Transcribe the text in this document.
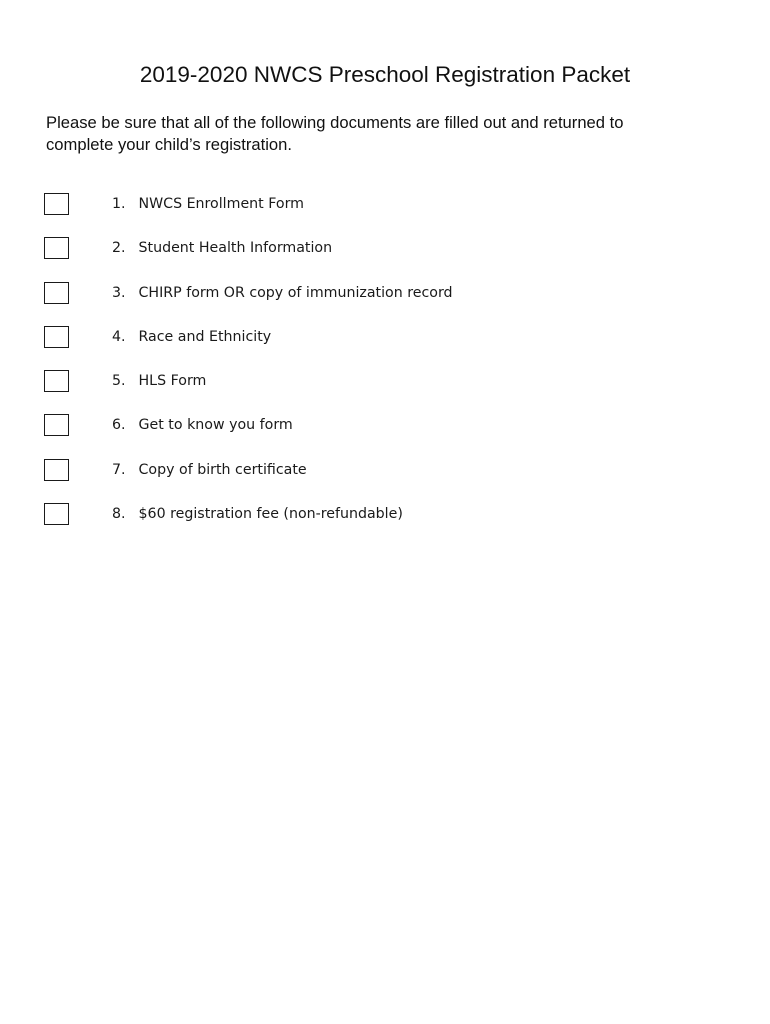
2019-2020 NWCS Preschool Registration Packet

Please be sure that all of the following documents are filled out and returned to
complete your child’s registration.

1. NWCS Enrollment Form
2. Student Health Information
3. CHIRP form OR copy of immunization record
4. Race and Ethnicity
5. HLS Form
6. Get to know you form
7. Copy of birth certificate
8. $60 registration fee (non-refundable)
